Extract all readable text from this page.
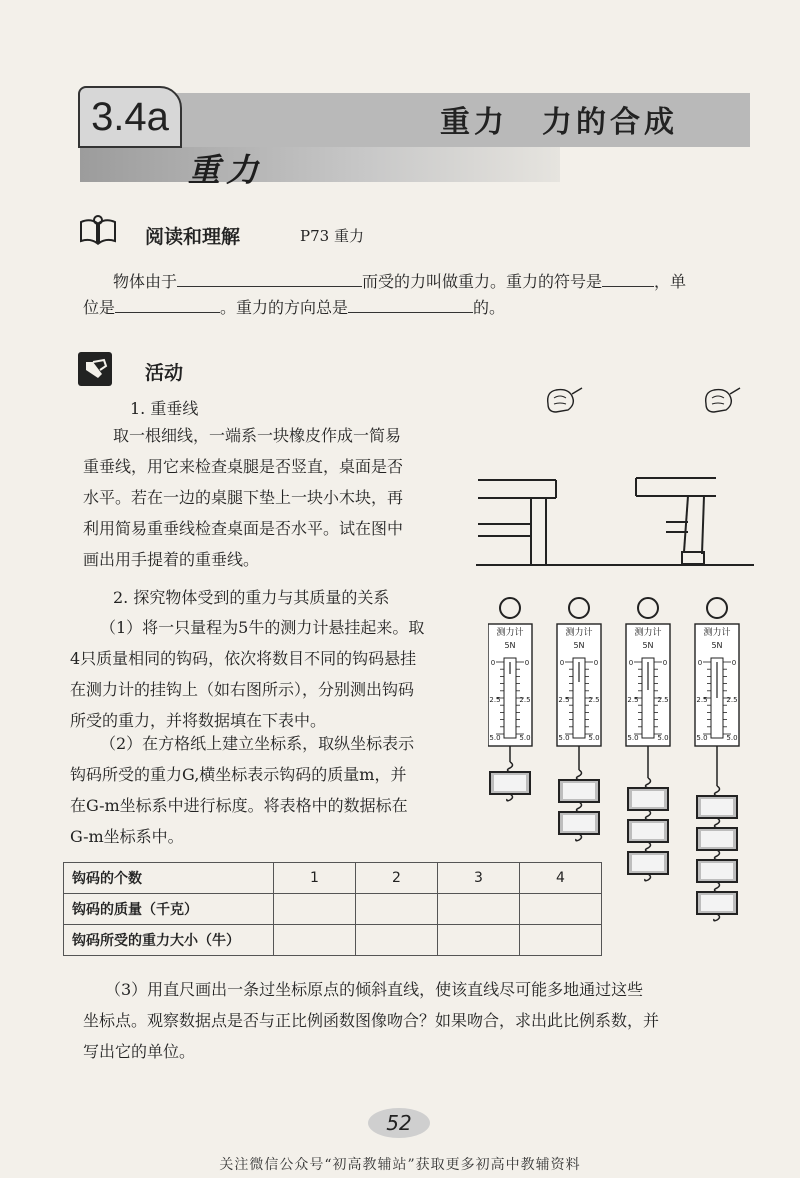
3.4a	重力　力的合成
重力
阅读和理解	P73 重力
物体由于	而受的力叫做重力。重力的符号是	，单
位是	。重力的方向总是	的。
活动
1. 重垂线
取一根细线，一端系一块橡皮作成一简易
重垂线，用它来检查桌腿是否竖直，桌面是否
水平。若在一边的桌腿下垫上一块小木块，再
利用简易重垂线检查桌面是否水平。试在图中
画出用手提着的重垂线。
2. 探究物体受到的重力与其质量的关系
（1）将一只量程为5牛的测力计悬挂起来。取
4只质量相同的钩码，依次将数目不同的钩码悬挂
在测力计的挂钩上（如右图所示），分别测出钩码
所受的重力，并将数据填在下表中。
（2）在方格纸上建立坐标系，取纵坐标表示
钩码所受的重力G,横坐标表示钩码的质量m，并
在G-m坐标系中进行标度。将表格中的数据标在
G-m坐标系中。
测力计
5N
0	0
2.5	2.5
5.0	5.0
测力计
5N
0	0
2.5	2.5
5.0	5.0
测力计
5N
0	0
2.5	2.5
5.0	5.0
测力计
5N
0	0
2.5	2.5
5.0	5.0
钩码的个数	1	2	3	4
钩码的质量（千克）				
钩码所受的重力大小（牛）				
（3）用直尺画出一条过坐标原点的倾斜直线，使该直线尽可能多地通过这些
坐标点。观察数据点是否与正比例函数图像吻合？如果吻合，求出此比例系数，并
写出它的单位。
52
关注微信公众号“初高教辅站”获取更多初高中教辅资料
